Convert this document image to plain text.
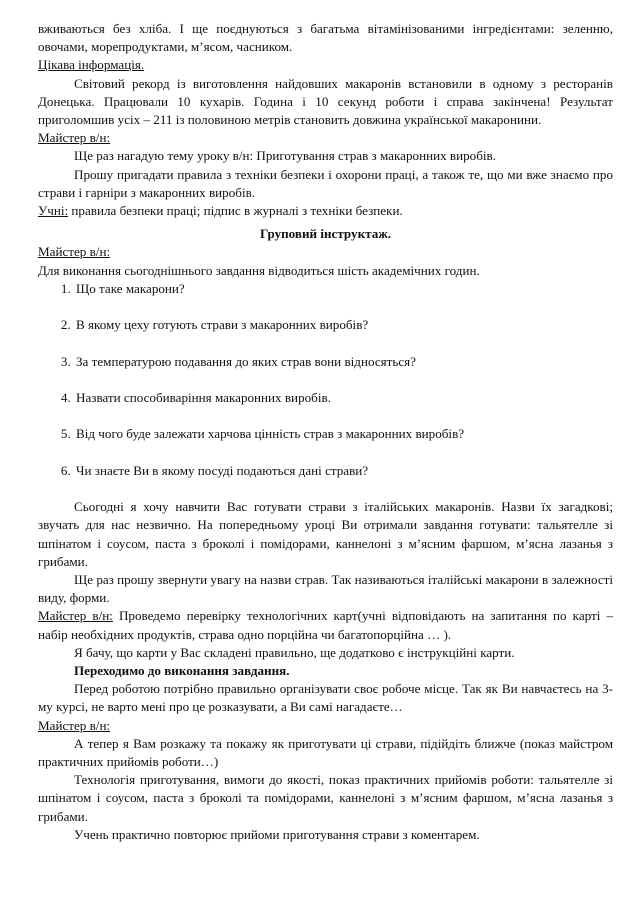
вживаються без хліба. І ще поєднуються з багатьма вітамінізованими інгредієнтами: зеленню, овочами, морепродуктами, м’ясом, часником.

Цікава інформація.

Світовий рекорд із виготовлення найдовших макаронів встановили в одному з ресторанів Донецька. Працювали 10 кухарів. Година і 10 секунд роботи і справа закінчена! Результат приголомшив усіх – 211 із половиною метрів становить довжина української макаронини.

Майстер в/н:

Ще раз нагадую тему уроку в/н: Приготування страв з макаронних виробів.

Прошу пригадати правила з техніки безпеки і охорони праці, а також те, що ми вже знаємо про страви і гарніри з макаронних виробів.

Учні: правила безпеки праці; підпис в журналі з техніки безпеки.

Груповий інструктаж.

Майстер в/н:

Для виконання сьогоднішнього завдання відводиться шість академічних годин.

1. Що таке макарони?
2. В якому цеху готують страви з макаронних виробів?
3. За температурою подавання до яких страв вони відносяться?
4. Назвати способиваріння макаронних виробів.
5. Від чого буде залежати харчова цінність страв з макаронних виробів?
6. Чи знаєте Ви в якому посуді подаються дані страви?

Сьогодні я хочу навчити Вас готувати страви з італійських макаронів. Назви їх загадкові; звучать для нас незвично. На попередньому уроці Ви отримали завдання готувати: тальятелле зі шпінатом і соусом, паста з броколі і помідорами, каннелоні з м’ясним фаршом, м’ясна лазанья з грибами.

Ще раз прошу звернути увагу на назви страв. Так називаються італійські макарони в залежності виду, форми.

Майстер в/н: Проведемо перевірку технологічних карт(учні відповідають на запитання по карті – набір необхідних продуктів, страва одно порційна чи багатопорційна … ).

Я бачу, що карти у Вас складені правильно, ще додатково є інструкційні карти.

Переходимо до виконання завдання.

Перед роботою потрібно правильно організувати своє робоче місце. Так як Ви навчаєтесь на 3-му курсі, не варто мені про це розказувати, а Ви самі нагадаєте…

Майстер в/н:

А тепер я Вам розкажу та покажу як приготувати ці страви, підійдіть ближче (показ майстром практичних прийомів роботи…)

Технологія приготування, вимоги до якості, показ практичних прийомів роботи: тальятелле зі шпінатом і соусом, паста з броколі та помідорами, каннелоні з м’ясним фаршом, м’ясна лазанья з грибами.

Учень практично повторює прийоми приготування страви з коментарем.
